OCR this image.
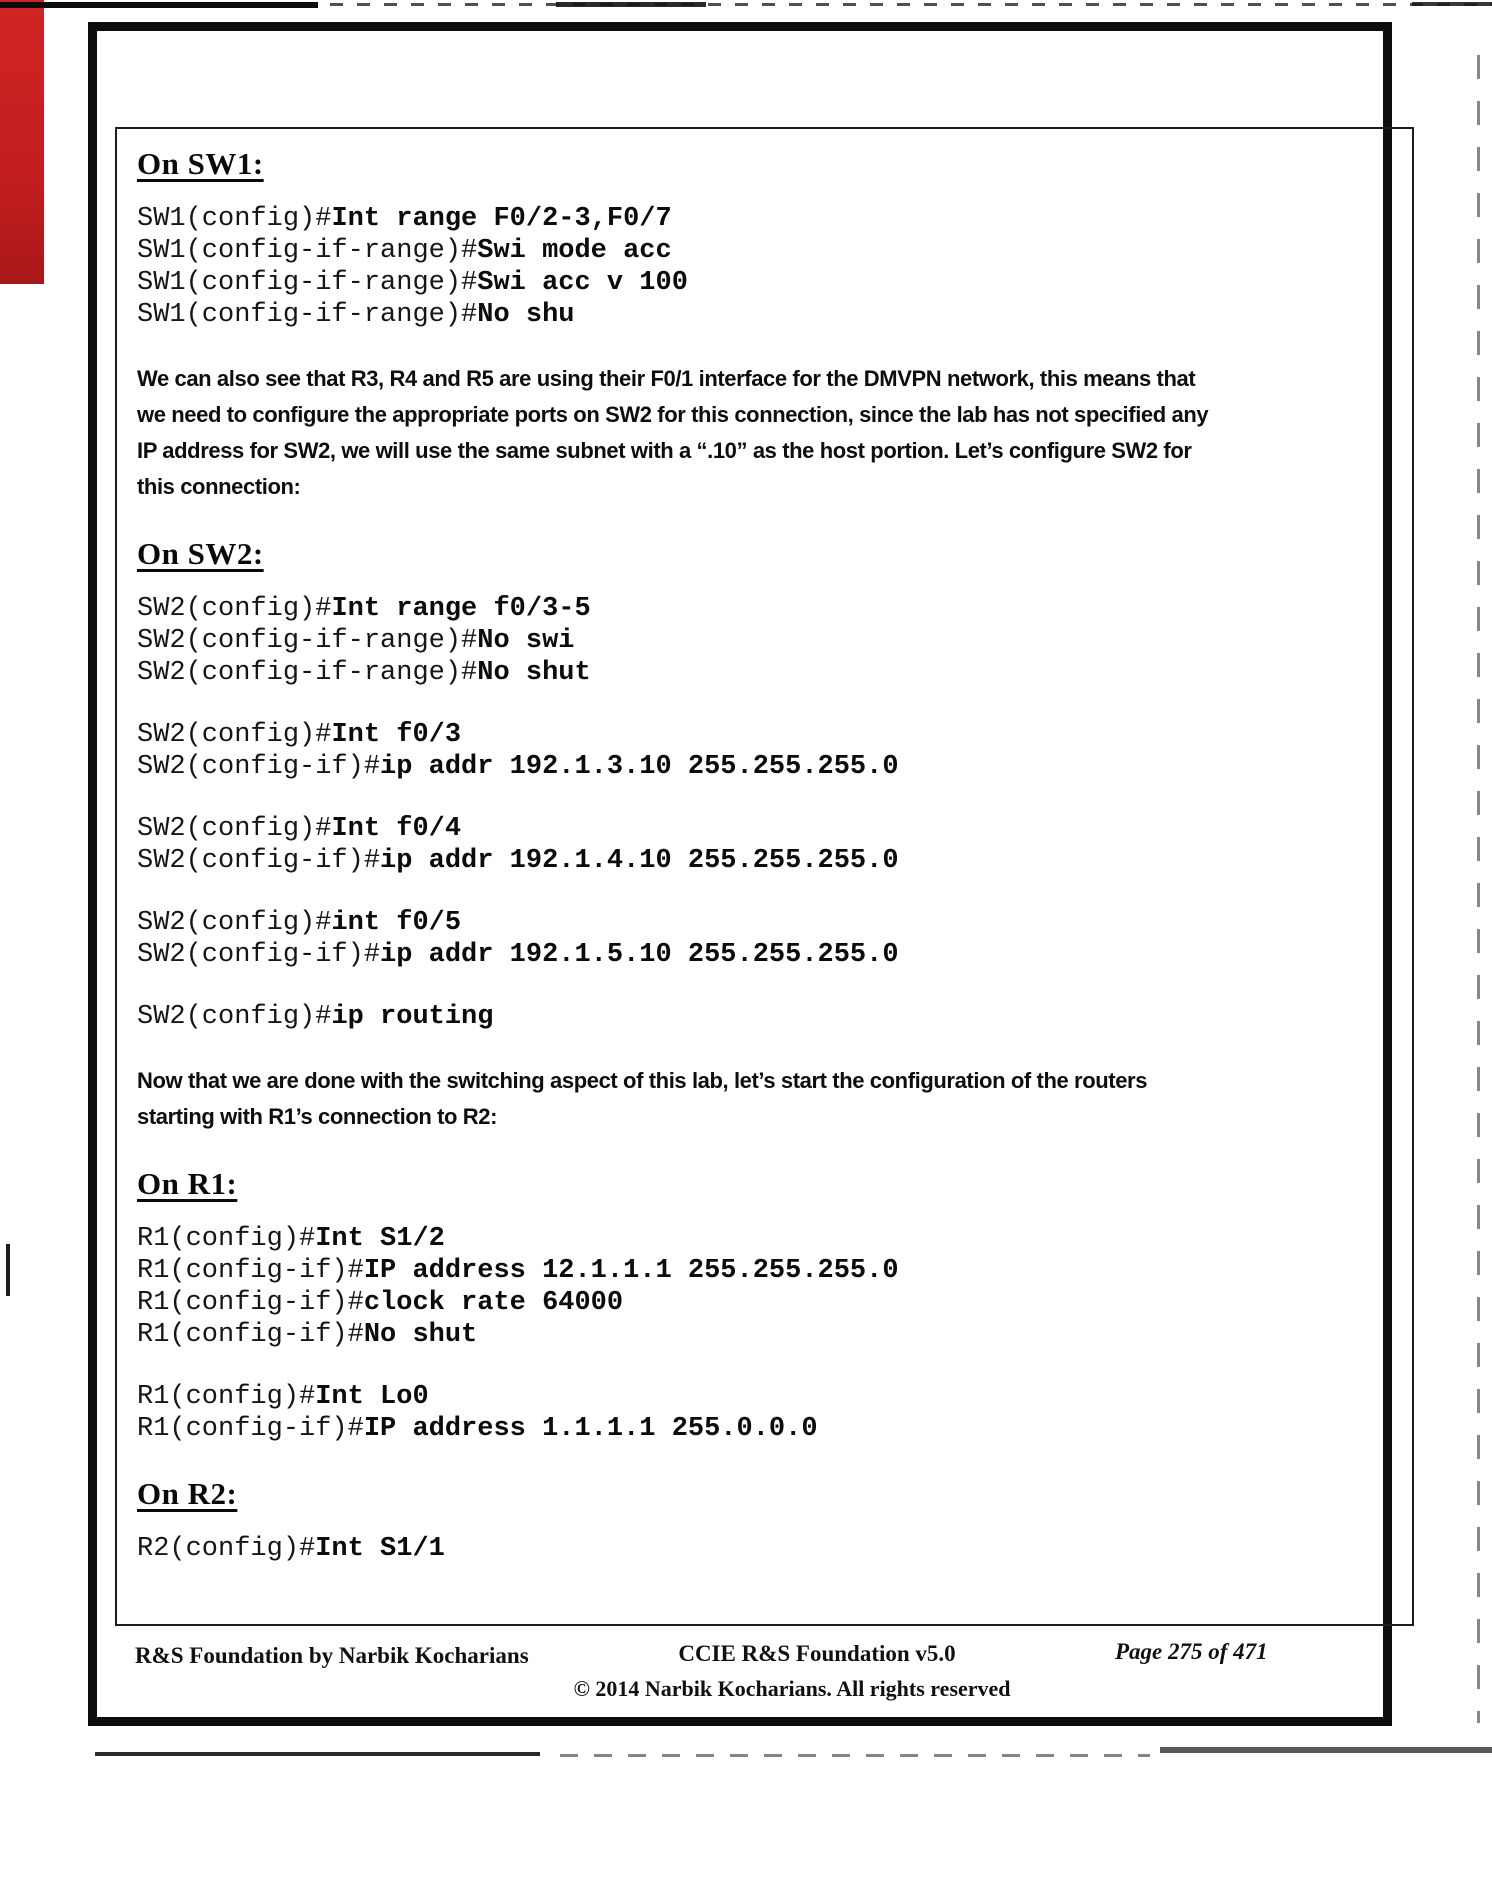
On SW1:
SW1(config)#Int range F0/2-3,F0/7
SW1(config-if-range)#Swi mode acc
SW1(config-if-range)#Swi acc v 100
SW1(config-if-range)#No shu
We can also see that R3, R4 and R5 are using their F0/1 interface for the DMVPN network, this means that
we need to configure the appropriate ports on SW2 for this connection, since the lab has not specified any
IP address for SW2, we will use the same subnet with a “.10” as the host portion. Let’s configure SW2 for
this connection:
On SW2:
SW2(config)#Int range f0/3-5
SW2(config-if-range)#No swi
SW2(config-if-range)#No shut
SW2(config)#Int f0/3
SW2(config-if)#ip addr 192.1.3.10 255.255.255.0
SW2(config)#Int f0/4
SW2(config-if)#ip addr 192.1.4.10 255.255.255.0
SW2(config)#int f0/5
SW2(config-if)#ip addr 192.1.5.10 255.255.255.0
SW2(config)#ip routing
Now that we are done with the switching aspect of this lab, let’s start the configuration of the routers
starting with R1’s connection to R2:
On R1:
R1(config)#Int S1/2
R1(config-if)#IP address 12.1.1.1 255.255.255.0
R1(config-if)#clock rate 64000
R1(config-if)#No shut
R1(config)#Int Lo0
R1(config-if)#IP address 1.1.1.1 255.0.0.0
On R2:
R2(config)#Int S1/1
R&S Foundation by Narbik Kocharians	CCIE R&S Foundation v5.0	Page 275 of 471
© 2014 Narbik Kocharians. All rights reserved
